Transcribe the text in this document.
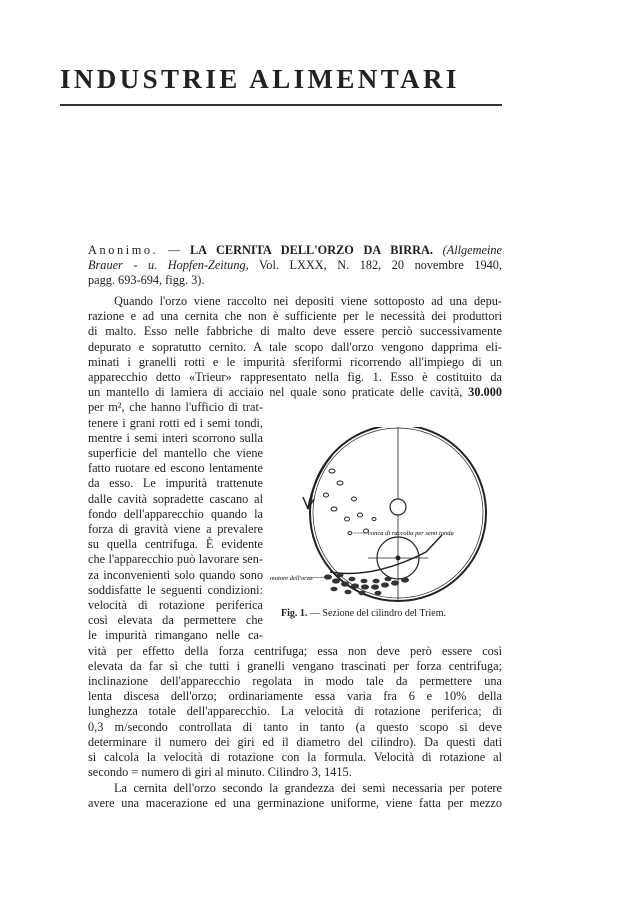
INDUSTRIE ALIMENTARI
Anonimo. — LA CERNITA DELL'ORZO DA BIRRA. (Allgemeine
Brauer - u. Hopfen-Zeitung, Vol. LXXX, N. 182, 20 novembre 1940,
pagg. 693-694, figg. 3).
Quando l'orzo viene raccolto nei depositi viene sottoposto ad una depu-
razione e ad una cernita che non è sufficiente per le necessità dei produttori
di malto. Esso nelle fabbriche di malto deve essere perciò successivamente
depurato e sopratutto cernito. A tale scopo dall'orzo vengono dapprima eli-
minati i granelli rotti e le impurità sferiformi ricorrendo all'impiego di un
apparecchio detto «Trieur» rappresentato nella fig. 1. Esso è costituito da
un mantello di lamiera di acciaio nel quale sono praticate delle cavità, 30.000
per m², che hanno l'ufficio di trat-
tenere i grani rotti ed i semi tondi,
mentre i semi interi scorrono sulla
superficie del mantello che viene
fatto ruotare ed escono lentamente
da esso. Le impurità trattenute
dalle cavità sopradette cascano al
fondo dell'apparecchio quando la
forza di gravità viene a prevalere
su quella centrifuga. È evidente
che l'apparecchio può lavorare sen-
za inconvenienti solo quando sono
soddisfatte le seguenti condizioni:
velocità di rotazione periferica
così elevata da permettere che
le impurità rimangano nelle ca-
vità per effetto della forza centrifuga; essa non deve però essere così
elevata da far sì che tutti i granelli vengano trascinati per forza centrifuga;
inclinazione dell'apparecchio regolata in modo tale da permettere una
lenta discesa dell'orzo; ordinariamente essa varia fra 6 e 10% della
lunghezza totale dell'apparecchio. La velocità di rotazione periferica; di
0,3 m/secondo controllata di tanto in tanto (a questo scopo si deve
determinare il numero dei giri ed il diametro del cilindro). Da questi dati
si calcola la velocità di rotazione con la formula. Velocità di rotazione al
secondo = numero di giri al minuto. Cilindro 3, 1415.
La cernita dell'orzo secondo la grandezza dei semi necessaria per potere
avere una macerazione ed una germinazione uniforme, viene fatta per mezzo
conca di raccolta per semi tonda
motore dell'orzo
Fig. 1. — Sezione del cilindro del Triem.
